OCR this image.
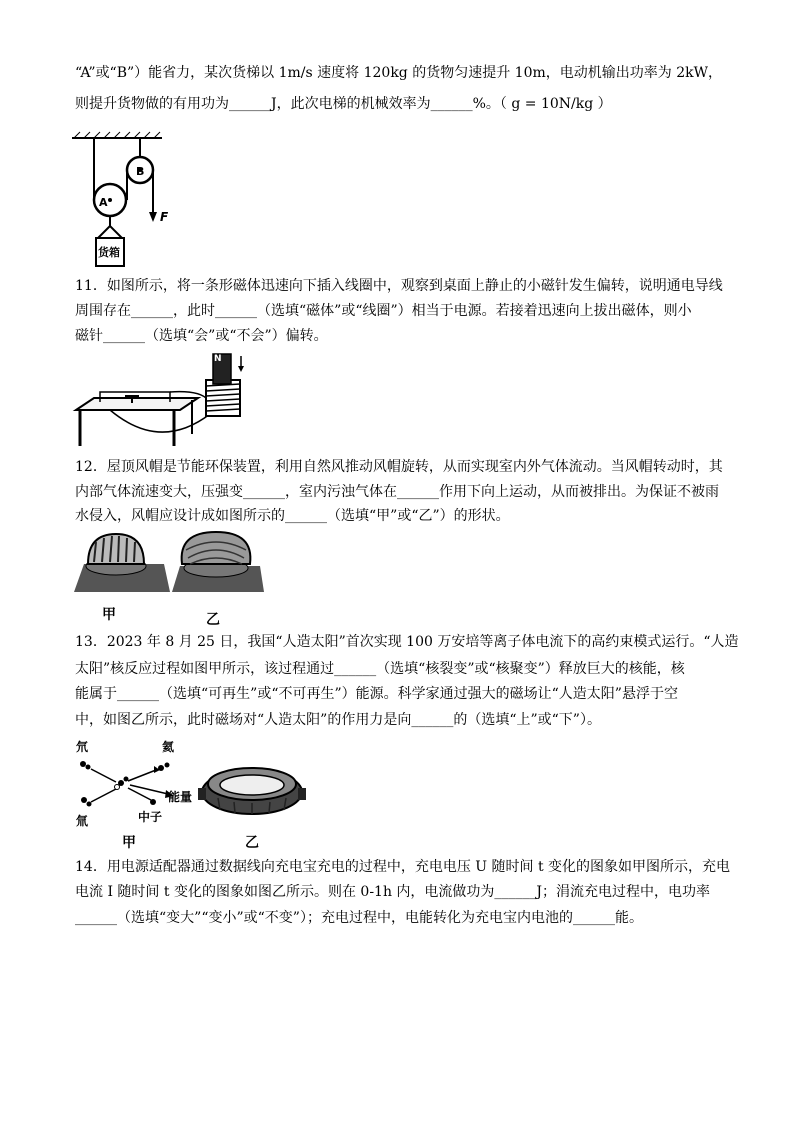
“A”或“B”）能省力，某次货梯以 1m/s 速度将 120kg 的货物匀速提升 10m，电动机输出功率为 2kW，
则提升货物做的有用功为______J，此次电梯的机械效率为______%。（ g = 10N/kg ）
A
B
F
货箱
11．如图所示，将一条形磁体迅速向下插入线圈中，观察到桌面上静止的小磁针发生偏转，说明通电导线
周围存在______，此时______（选填“磁体”或“线圈”）相当于电源。若接着迅速向上拔出磁体，则小
磁针______（选填“会”或“不会”）偏转。
N
12．屋顶风帽是节能环保装置，利用自然风推动风帽旋转，从而实现室内外气体流动。当风帽转动时，其
内部气体流速变大，压强变______，室内污浊气体在______作用下向上运动，从而被排出。为保证不被雨
水侵入，风帽应设计成如图所示的______（选填“甲”或“乙”）的形状。
甲	乙
13．2023 年 8 月 25 日，我国“人造太阳”首次实现 100 万安培等离子体电流下的高约束模式运行。“人造
太阳”核反应过程如图甲所示，该过程通过______（选填“核裂变”或“核聚变”）释放巨大的核能，核
能属于______（选填“可再生”或“不可再生”）能源。科学家通过强大的磁场让“人造太阳”悬浮于空
中，如图乙所示，此时磁场对“人造太阳”的作用力是向______的（选填“上”或“下”）。
氘	氦
氚	中子
能量
甲	乙
14．用电源适配器通过数据线向充电宝充电的过程中，充电电压 U 随时间 t 变化的图象如甲图所示，充电
电流 I 随时间 t 变化的图象如图乙所示。则在 0-1h 内，电流做功为______J；涓流充电过程中，电功率
______（选填“变大”“变小”或“不变”）；充电过程中，电能转化为充电宝内电池的______能。
